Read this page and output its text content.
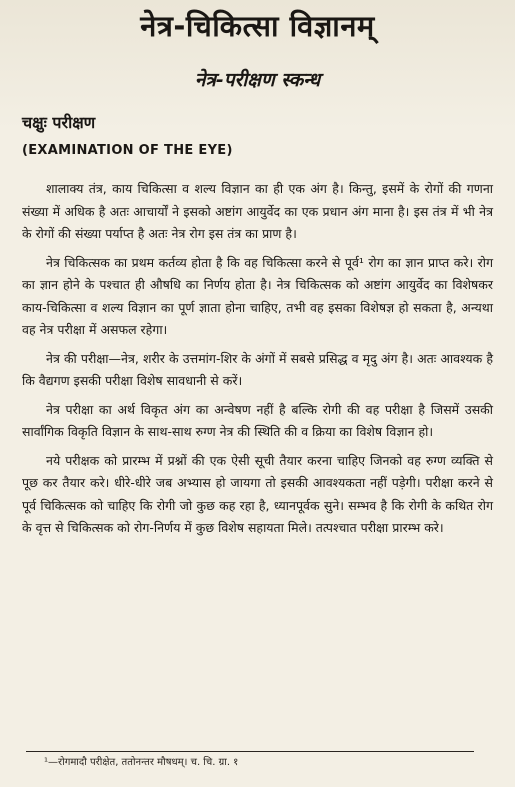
नेत्र-चिकित्सा विज्ञानम्
नेत्र-परीक्षण स्कन्ध
चक्षुः परीक्षण
(EXAMINATION OF THE EYE)

शालाक्य तंत्र, काय चिकित्सा व शल्य विज्ञान का ही एक अंग है। किन्तु, इसमें के रोगों की गणना संख्या में अधिक है अतः आचार्यों ने इसको अष्टांग आयुर्वेद का एक प्रधान अंग माना है। इस तंत्र में भी नेत्र के रोगों की संख्या पर्याप्त है अतः नेत्र रोग इस तंत्र का प्राण है।

नेत्र चिकित्सक का प्रथम कर्तव्य होता है कि वह चिकित्सा करने से पूर्व¹ रोग का ज्ञान प्राप्त करे। रोग का ज्ञान होने के पश्चात ही औषधि का निर्णय होता है। नेत्र चिकित्सक को अष्टांग आयुर्वेद का विशेषकर काय-चिकित्सा व शल्य विज्ञान का पूर्ण ज्ञाता होना चाहिए, तभी वह इसका विशेषज्ञ हो सकता है, अन्यथा वह नेत्र परीक्षा में असफल रहेगा।

नेत्र की परीक्षा—नेत्र, शरीर के उत्तमांग-शिर के अंगों में सबसे प्रसिद्ध व मृदु अंग है। अतः आवश्यक है कि वैद्यगण इसकी परीक्षा विशेष सावधानी से करें।

नेत्र परीक्षा का अर्थ विकृत अंग का अन्वेषण नहीं है बल्कि रोगी की वह परीक्षा है जिसमें उसकी सार्वांगिक विकृति विज्ञान के साथ-साथ रुग्ण नेत्र की स्थिति की व क्रिया का विशेष विज्ञान हो।

नये परीक्षक को प्रारम्भ में प्रश्नों की एक ऐसी सूची तैयार करना चाहिए जिनको वह रुग्ण व्यक्ति से पूछ कर तैयार करे। धीरे-धीरे जब अभ्यास हो जायगा तो इसकी आवश्यकता नहीं पड़ेगी। परीक्षा करने से पूर्व चिकित्सक को चाहिए कि रोगी जो कुछ कह रहा है, ध्यानपूर्वक सुने। सम्भव है कि रोगी के कथित रोग के वृत्त से चिकित्सक को रोग-निर्णय में कुछ विशेष सहायता मिले। तत्पश्चात परीक्षा प्रारम्भ करे।

¹—रोगमादौ परीक्षेत, ततोनन्तर मौषधम्। च. चि. ग्रा. १
